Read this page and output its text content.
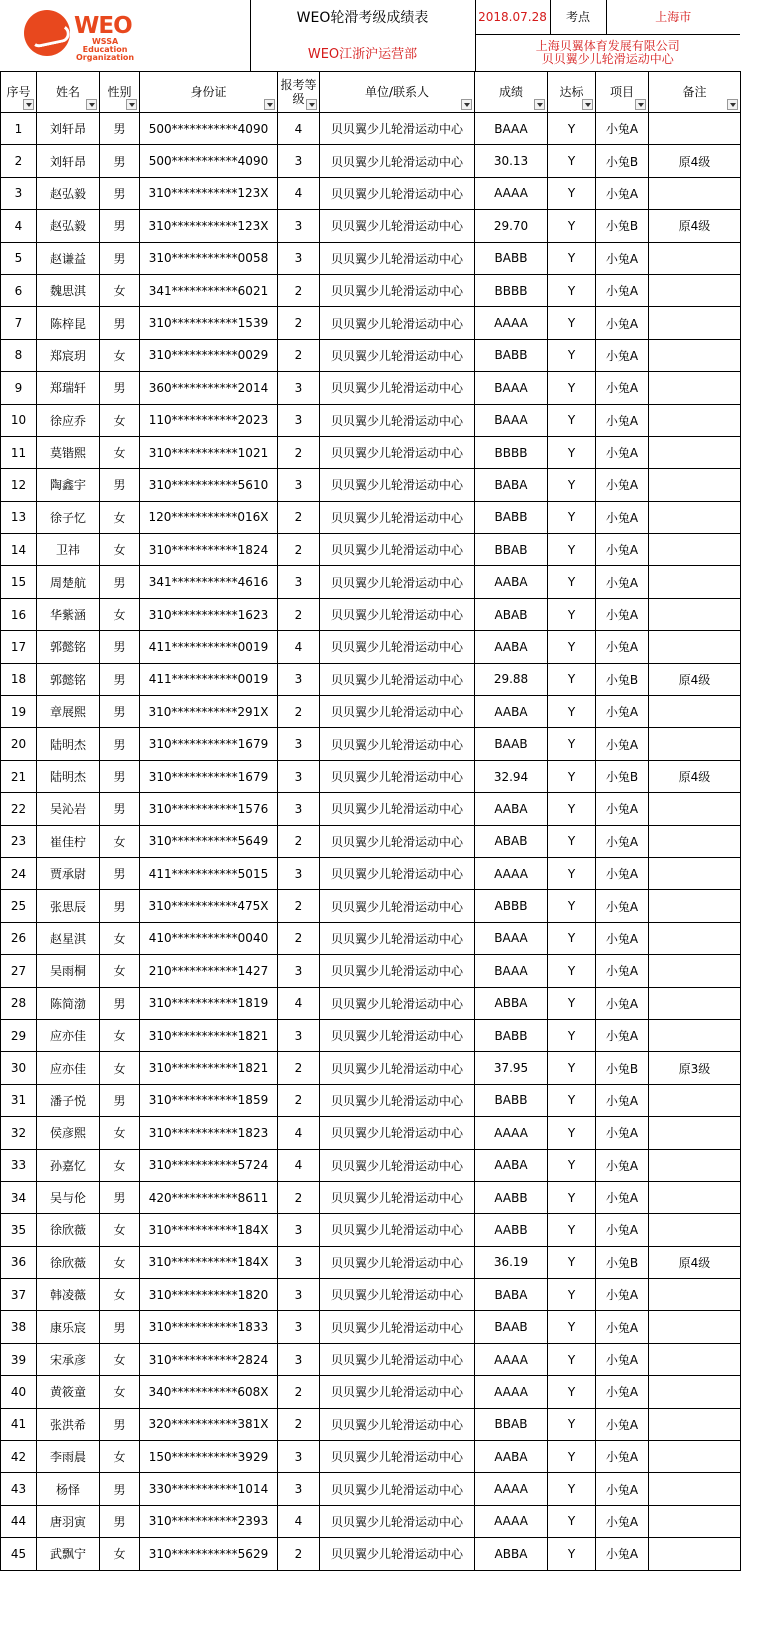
WEO
WSSA
Education
Organization	WEO轮滑考级成绩表	2018.07.28	考点	上海市
	WEO江浙沪运营部	上海贝翼体育发展有限公司
贝贝翼少儿轮滑运动中心		
序号	姓名	性别	身份证	报考等级	单位/联系人	成绩	达标	项目	备注

1	刘轩昂	男	500***********4090	4	贝贝翼少儿轮滑运动中心	BAAA	Y	小兔A	
2	刘轩昂	男	500***********4090	3	贝贝翼少儿轮滑运动中心	30.13	Y	小兔B	原4级
3	赵弘毅	男	310***********123X	4	贝贝翼少儿轮滑运动中心	AAAA	Y	小兔A	
4	赵弘毅	男	310***********123X	3	贝贝翼少儿轮滑运动中心	29.70	Y	小兔B	原4级
5	赵谦益	男	310***********0058	3	贝贝翼少儿轮滑运动中心	BABB	Y	小兔A	
6	魏思淇	女	341***********6021	2	贝贝翼少儿轮滑运动中心	BBBB	Y	小兔A	
7	陈梓昆	男	310***********1539	2	贝贝翼少儿轮滑运动中心	AAAA	Y	小兔A	
8	郑宸玥	女	310***********0029	2	贝贝翼少儿轮滑运动中心	BABB	Y	小兔A	
9	郑瑞轩	男	360***********2014	3	贝贝翼少儿轮滑运动中心	BAAA	Y	小兔A	
10	徐应乔	女	110***********2023	3	贝贝翼少儿轮滑运动中心	BAAA	Y	小兔A	
11	莫锴熙	女	310***********1021	2	贝贝翼少儿轮滑运动中心	BBBB	Y	小兔A	
12	陶鑫宇	男	310***********5610	3	贝贝翼少儿轮滑运动中心	BABA	Y	小兔A	
13	徐子忆	女	120***********016X	2	贝贝翼少儿轮滑运动中心	BABB	Y	小兔A	
14	卫祎	女	310***********1824	2	贝贝翼少儿轮滑运动中心	BBAB	Y	小兔A	
15	周楚航	男	341***********4616	3	贝贝翼少儿轮滑运动中心	AABA	Y	小兔A	
16	华紫涵	女	310***********1623	2	贝贝翼少儿轮滑运动中心	ABAB	Y	小兔A	
17	郭懿铭	男	411***********0019	4	贝贝翼少儿轮滑运动中心	AABA	Y	小兔A	
18	郭懿铭	男	411***********0019	3	贝贝翼少儿轮滑运动中心	29.88	Y	小兔B	原4级
19	章展熙	男	310***********291X	2	贝贝翼少儿轮滑运动中心	AABA	Y	小兔A	
20	陆明杰	男	310***********1679	3	贝贝翼少儿轮滑运动中心	BAAB	Y	小兔A	
21	陆明杰	男	310***********1679	3	贝贝翼少儿轮滑运动中心	32.94	Y	小兔B	原4级
22	吴沁岩	男	310***********1576	3	贝贝翼少儿轮滑运动中心	AABA	Y	小兔A	
23	崔佳柠	女	310***********5649	2	贝贝翼少儿轮滑运动中心	ABAB	Y	小兔A	
24	贾承尉	男	411***********5015	3	贝贝翼少儿轮滑运动中心	AAAA	Y	小兔A	
25	张思辰	男	310***********475X	2	贝贝翼少儿轮滑运动中心	ABBB	Y	小兔A	
26	赵星淇	女	410***********0040	2	贝贝翼少儿轮滑运动中心	BAAA	Y	小兔A	
27	吴雨桐	女	210***********1427	3	贝贝翼少儿轮滑运动中心	BAAA	Y	小兔A	
28	陈简渤	男	310***********1819	4	贝贝翼少儿轮滑运动中心	ABBA	Y	小兔A	
29	应亦佳	女	310***********1821	3	贝贝翼少儿轮滑运动中心	BABB	Y	小兔A	
30	应亦佳	女	310***********1821	2	贝贝翼少儿轮滑运动中心	37.95	Y	小兔B	原3级
31	潘子悦	男	310***********1859	2	贝贝翼少儿轮滑运动中心	BABB	Y	小兔A	
32	侯彦熙	女	310***********1823	4	贝贝翼少儿轮滑运动中心	AAAA	Y	小兔A	
33	孙嘉忆	女	310***********5724	4	贝贝翼少儿轮滑运动中心	AABA	Y	小兔A	
34	吴与伦	男	420***********8611	2	贝贝翼少儿轮滑运动中心	AABB	Y	小兔A	
35	徐欣薇	女	310***********184X	3	贝贝翼少儿轮滑运动中心	AABB	Y	小兔A	
36	徐欣薇	女	310***********184X	3	贝贝翼少儿轮滑运动中心	36.19	Y	小兔B	原4级
37	韩凌薇	女	310***********1820	3	贝贝翼少儿轮滑运动中心	BABA	Y	小兔A	
38	康乐宸	男	310***********1833	3	贝贝翼少儿轮滑运动中心	BAAB	Y	小兔A	
39	宋承彦	女	310***********2824	3	贝贝翼少儿轮滑运动中心	AAAA	Y	小兔A	
40	黄筱童	女	340***********608X	2	贝贝翼少儿轮滑运动中心	AAAA	Y	小兔A	
41	张洪希	男	320***********381X	2	贝贝翼少儿轮滑运动中心	BBAB	Y	小兔A	
42	李雨晨	女	150***********3929	3	贝贝翼少儿轮滑运动中心	AABA	Y	小兔A	
43	杨怿	男	330***********1014	3	贝贝翼少儿轮滑运动中心	AAAA	Y	小兔A	
44	唐羽寅	男	310***********2393	4	贝贝翼少儿轮滑运动中心	AAAA	Y	小兔A	
45	武飘宁	女	310***********5629	2	贝贝翼少儿轮滑运动中心	ABBA	Y	小兔A	
